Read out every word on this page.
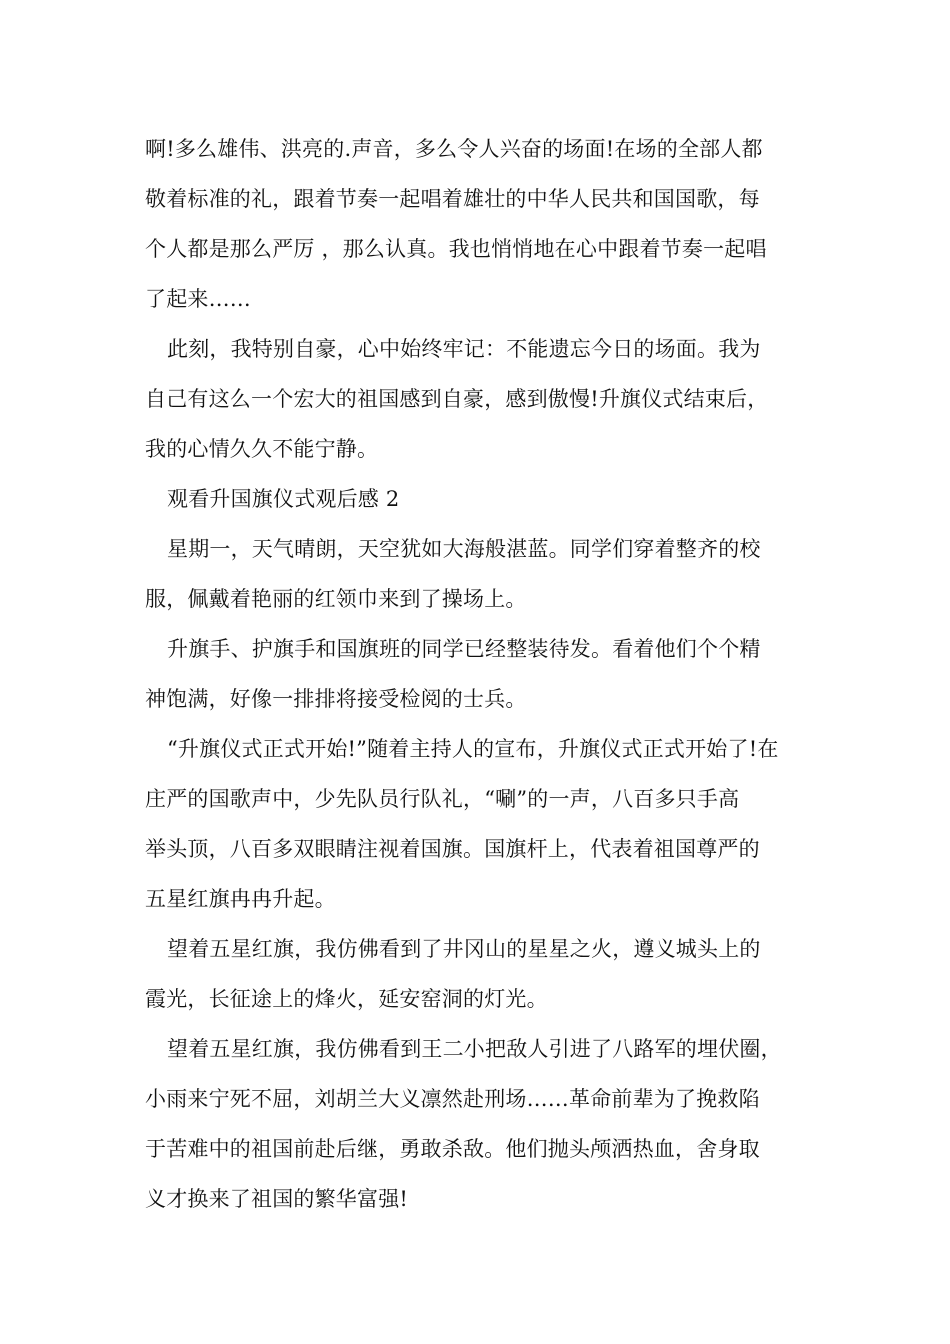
啊!多么雄伟、洪亮的.声音，多么令人兴奋的场面!在场的全部人都
敬着标准的礼，跟着节奏一起唱着雄壮的中华人民共和国国歌，每
个人都是那么严厉 ，那么认真。我也悄悄地在心中跟着节奏一起唱
了起来……

此刻，我特别自豪，心中始终牢记：不能遗忘今日的场面。我为
自己有这么一个宏大的祖国感到自豪，感到傲慢!升旗仪式结束后，
我的心情久久不能宁静。

观看升国旗仪式观后感 2

星期一，天气晴朗，天空犹如大海般湛蓝。同学们穿着整齐的校
服，佩戴着艳丽的红领巾来到了操场上。

升旗手、护旗手和国旗班的同学已经整装待发。看着他们个个精
神饱满，好像一排排将接受检阅的士兵。

“升旗仪式正式开始!”随着主持人的宣布，升旗仪式正式开始了!在
庄严的国歌声中，少先队员行队礼，“唰”的一声，八百多只手高
举头顶，八百多双眼睛注视着国旗。国旗杆上，代表着祖国尊严的
五星红旗冉冉升起。

望着五星红旗，我仿佛看到了井冈山的星星之火，遵义城头上的
霞光，长征途上的烽火，延安窑洞的灯光。

望着五星红旗，我仿佛看到王二小把敌人引进了八路军的埋伏圈，
小雨来宁死不屈，刘胡兰大义凛然赴刑场……革命前辈为了挽救陷
于苦难中的祖国前赴后继，勇敢杀敌。他们抛头颅洒热血，舍身取
义才换来了祖国的繁华富强!
